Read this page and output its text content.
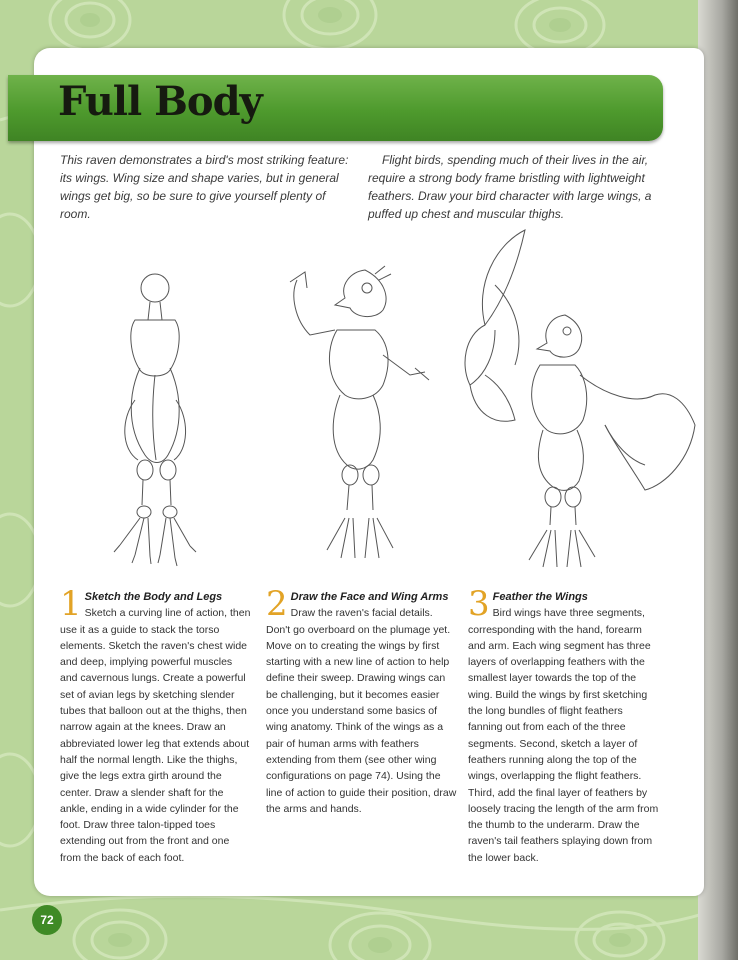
Full Body
This raven demonstrates a bird's most striking feature: its wings. Wing size and shape varies, but in general wings get big, so be sure to give yourself plenty of room.
Flight birds, spending much of their lives in the air, require a strong body frame bristling with lightweight feathers. Draw your bird character with large wings, a puffed up chest and muscular thighs.
1 Sketch the Body and Legs
Sketch a curving line of action, then use it as a guide to stack the torso elements. Sketch the raven's chest wide and deep, implying powerful muscles and cavernous lungs. Create a powerful set of avian legs by sketching slender tubes that balloon out at the thighs, then narrow again at the knees. Draw an abbreviated lower leg that extends about half the normal length. Like the thighs, give the legs extra girth around the center. Draw a slender shaft for the ankle, ending in a wide cylinder for the foot. Draw three talon-tipped toes extending out from the front and one from the back of each foot.
2 Draw the Face and Wing Arms
Draw the raven's facial details. Don't go overboard on the plumage yet. Move on to creating the wings by first starting with a new line of action to help define their sweep. Drawing wings can be challenging, but it becomes easier once you understand some basics of wing anatomy. Think of the wings as a pair of human arms with feathers extending from them (see other wing configurations on page 74). Using the line of action to guide their position, draw the arms and hands.
3 Feather the Wings
Bird wings have three segments, corresponding with the hand, forearm and arm. Each wing segment has three layers of overlapping feathers with the smallest layer towards the top of the wing. Build the wings by first sketching the long bundles of flight feathers fanning out from each of the three segments. Second, sketch a layer of feathers running along the top of the wings, overlapping the flight feathers. Third, add the final layer of feathers by loosely tracing the length of the arm from the thumb to the underarm. Draw the raven's tail feathers splaying down from the lower back.
72
